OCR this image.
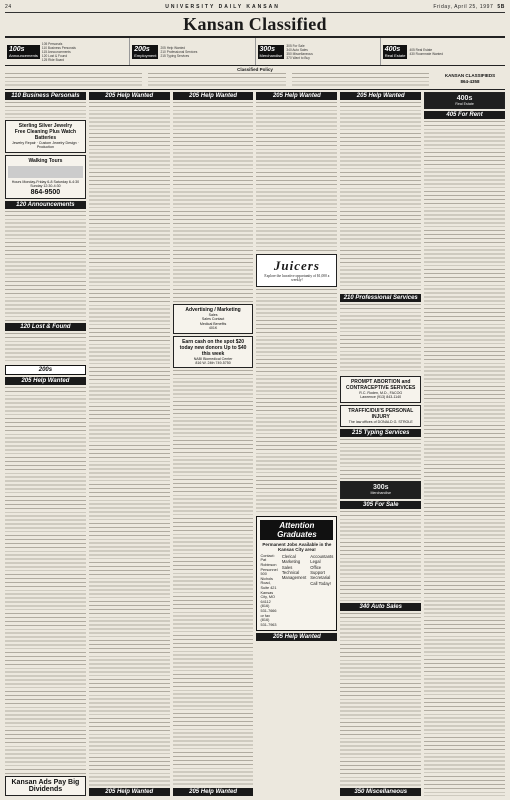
24	UNIVERSITY DAILY KANSAN	Friday, April 25, 1997 5B
Kansan Classified
100s
Announcements
105 Personals
110 Business Personals
115 Announcements
120 Lost & Found
125 Ride Board
200s
Employment
205 Help Wanted
210 Professional Services
215 Typing Services
300s
Merchandise
305 For Sale
340 Auto Sales
350 Miscellaneous
370 Want to Buy
400s
Real Estate
405 Real Estate
430 Roommate Wanted
Classified Policy
KANSAN CLASSIFIEDS
864-4358
110 Business Personals
Sterling Silver Jewelry
Free Cleaning Plus Watch Batteries
Jewelry Repair · Custom Jewelry Design · Production
Walking Tours
Hours Monday-Friday 6-8 Saturday 6-4:30 Sunday 12:30-4:30
864-9500
120 Announcements
120 Lost & Found
200s
205 Help Wanted
Kansan Ads Pay Big Dividends
205 Help Wanted
205 Help Wanted
205 Help Wanted
Advertising / Marketing
Sales
Sales Contact
Medical Benefits
401K
Earn cash on the spot $20 today new donors Up to $40 this week
NABI Biomedical Center
816 W. 24th 749-5750
205 Help Wanted
205 Help Wanted
Juicers
Explore the lucrative opportunity of $1,000 a weekly!
Attention Graduates
Permanent Jobs Available in the Kansas City area!
Contact: Pat Robinson Personnel
500 Nichols Road, Suite 421 Kansas City, MO 64112
(816) 531-7666 or fax (816) 531-7963
Clerical
Marketing
Sales
Technical
Management
Accountants
Legal
Office Support
Secretarial
Call Today!
205 Help Wanted
205 Help Wanted
210 Professional Services
PROMPT ABORTION and CONTRACEPTIVE SERVICES
R.C. Roden, M.D., FACOG
Lawrence (913) 843-1140
TRAFFIC/DUI'S PERSONAL INJURY
The law offices of DONALD G. STROLE
215 Typing Services
300s
Merchandise
305 For Sale
340 Auto Sales
350 Miscellaneous
400s
Real Estate
405 For Rent
